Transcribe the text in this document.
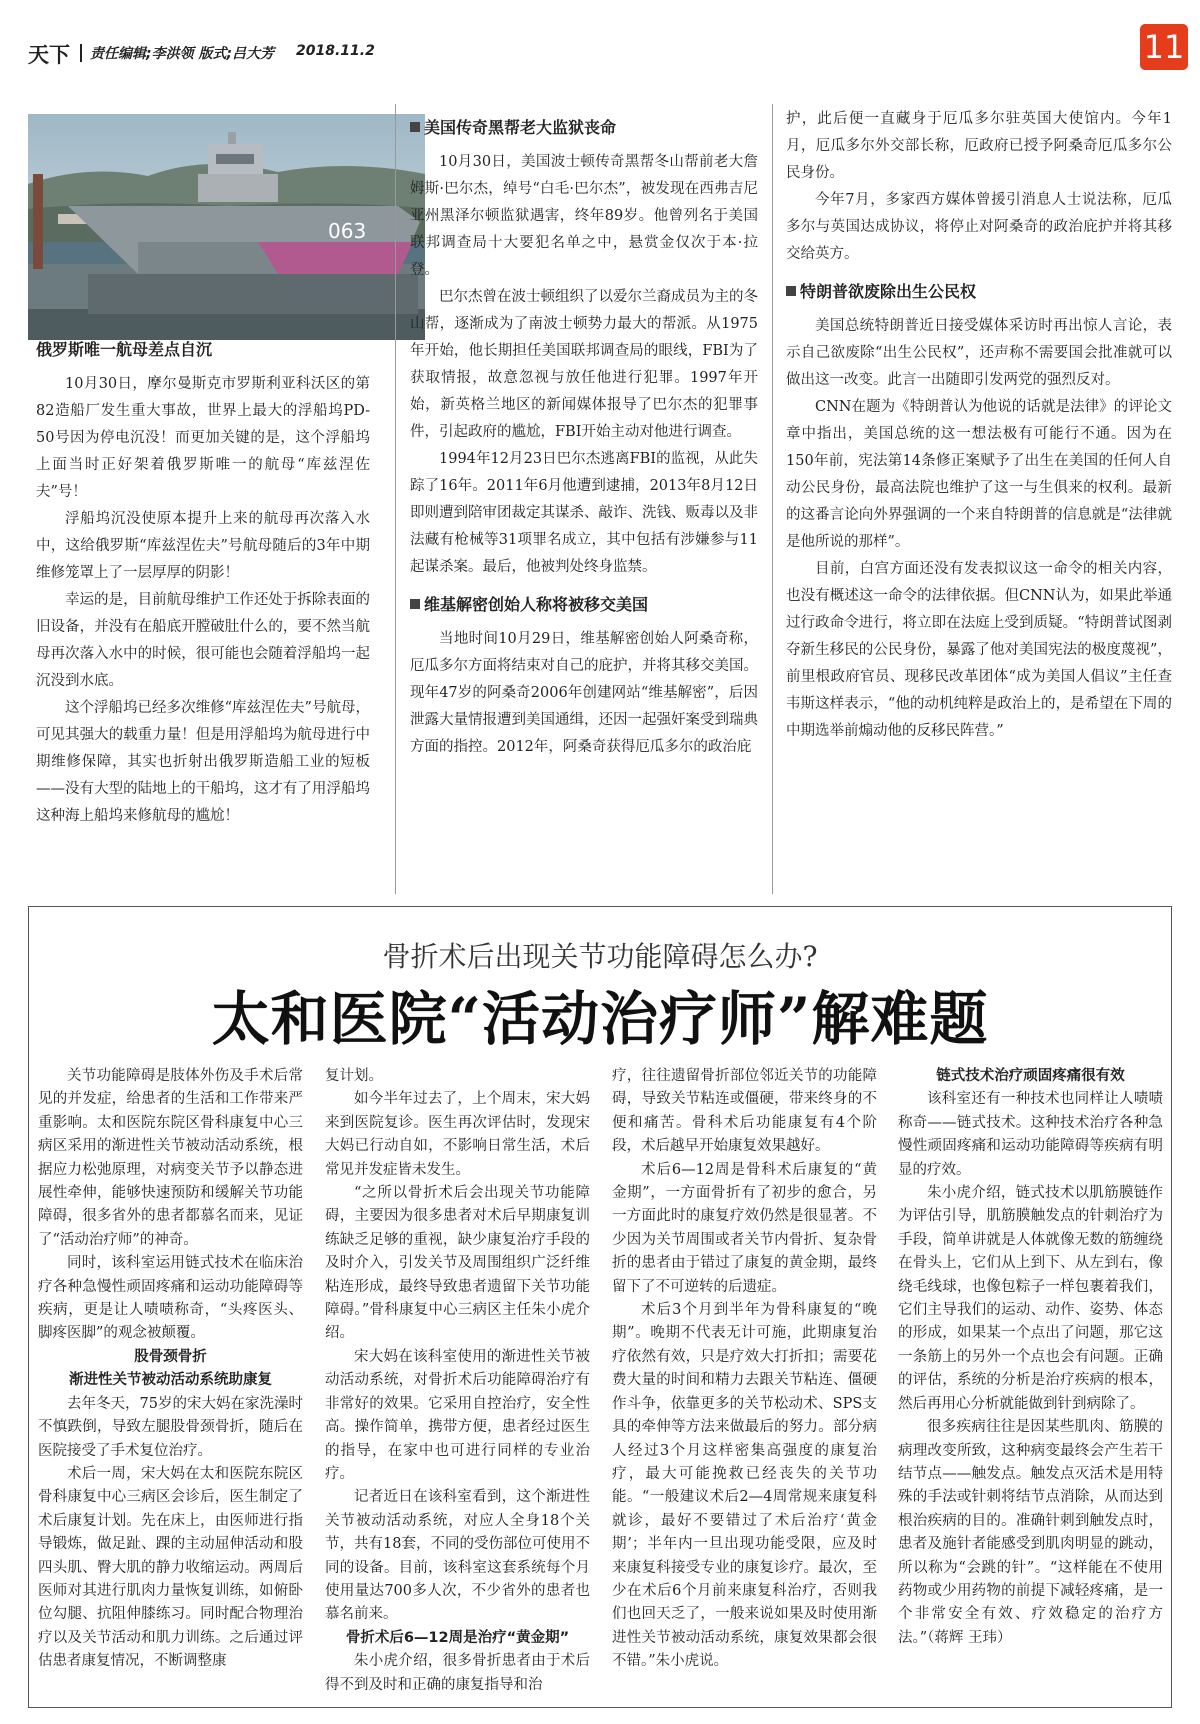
天下 责任编辑;李洪领 版式;吕大芳 2018.11.2	11
063
俄罗斯唯一航母差点自沉

10月30日，摩尔曼斯克市罗斯利亚科沃区的第82造船厂发生重大事故，世界上最大的浮船坞PD-50号因为停电沉没！而更加关键的是，这个浮船坞上面当时正好架着俄罗斯唯一的航母“库兹涅佐夫”号！

浮船坞沉没使原本提升上来的航母再次落入水中，这给俄罗斯“库兹涅佐夫”号航母随后的3年中期维修笼罩上了一层厚厚的阴影！

幸运的是，目前航母维护工作还处于拆除表面的旧设备，并没有在船底开膛破肚什么的，要不然当航母再次落入水中的时候，很可能也会随着浮船坞一起沉没到水底。

这个浮船坞已经多次维修“库兹涅佐夫”号航母，可见其强大的载重力量！但是用浮船坞为航母进行中期维修保障，其实也折射出俄罗斯造船工业的短板——没有大型的陆地上的干船坞，这才有了用浮船坞这种海上船坞来修航母的尴尬！

美国传奇黑帮老大监狱丧命

10月30日，美国波士顿传奇黑帮冬山帮前老大詹姆斯·巴尔杰，绰号“白毛·巴尔杰”，被发现在西弗吉尼亚州黑泽尔顿监狱遇害，终年89岁。他曾列名于美国联邦调查局十大要犯名单之中，悬赏金仅次于本·拉登。

巴尔杰曾在波士顿组织了以爱尔兰裔成员为主的冬山帮，逐渐成为了南波士顿势力最大的帮派。从1975年开始，他长期担任美国联邦调查局的眼线，FBI为了获取情报，故意忽视与放任他进行犯罪。1997年开始，新英格兰地区的新闻媒体报导了巴尔杰的犯罪事件，引起政府的尴尬，FBI开始主动对他进行调查。

1994年12月23日巴尔杰逃离FBI的监视，从此失踪了16年。2011年6月他遭到逮捕，2013年8月12日即则遭到陪审团裁定其谋杀、敲诈、洗钱、贩毒以及非法藏有枪械等31项罪名成立，其中包括有涉嫌参与11起谋杀案。最后，他被判处终身监禁。

维基解密创始人称将被移交美国

当地时间10月29日，维基解密创始人阿桑奇称，厄瓜多尔方面将结束对自己的庇护，并将其移交美国。现年47岁的阿桑奇2006年创建网站“维基解密”，后因泄露大量情报遭到美国通缉，还因一起强奸案受到瑞典方面的指控。2012年，阿桑奇获得厄瓜多尔的政治庇

护，此后便一直藏身于厄瓜多尔驻英国大使馆内。今年1月，厄瓜多尔外交部长称，厄政府已授予阿桑奇厄瓜多尔公民身份。

今年7月，多家西方媒体曾援引消息人士说法称，厄瓜多尔与英国达成协议，将停止对阿桑奇的政治庇护并将其移交给英方。

特朗普欲废除出生公民权

美国总统特朗普近日接受媒体采访时再出惊人言论，表示自己欲废除“出生公民权”，还声称不需要国会批准就可以做出这一改变。此言一出随即引发两党的强烈反对。

CNN在题为《特朗普认为他说的话就是法律》的评论文章中指出，美国总统的这一想法极有可能行不通。因为在150年前，宪法第14条修正案赋予了出生在美国的任何人自动公民身份，最高法院也维护了这一与生俱来的权利。最新的这番言论向外界强调的一个来自特朗普的信息就是“法律就是他所说的那样”。

目前，白宫方面还没有发表拟议这一命令的相关内容，也没有概述这一命令的法律依据。但CNN认为，如果此举通过行政命令进行，将立即在法庭上受到质疑。“特朗普试图剥夺新生移民的公民身份，暴露了他对美国宪法的极度蔑视”，前里根政府官员、现移民改革团体“成为美国人倡议”主任查韦斯这样表示，“他的动机纯粹是政治上的，是希望在下周的中期选举前煽动他的反移民阵营。”

骨折术后出现关节功能障碍怎么办?
太和医院“活动治疗师”解难题

关节功能障碍是肢体外伤及手术后常见的并发症，给患者的生活和工作带来严重影响。太和医院东院区骨科康复中心三病区采用的渐进性关节被动活动系统，根据应力松弛原理，对病变关节予以静态进展性牵伸，能够快速预防和缓解关节功能障碍，很多省外的患者都慕名而来，见证了“活动治疗师”的神奇。

同时，该科室运用链式技术在临床治疗各种急慢性顽固疼痛和运动功能障碍等疾病，更是让人啧啧称奇，“头疼医头、脚疼医脚”的观念被颠覆。

股骨颈骨折
渐进性关节被动活动系统助康复

去年冬天，75岁的宋大妈在家洗澡时不慎跌倒，导致左腿股骨颈骨折，随后在医院接受了手术复位治疗。

术后一周，宋大妈在太和医院东院区骨科康复中心三病区会诊后，医生制定了术后康复计划。先在床上，由医师进行指导锻炼，做足趾、踝的主动屈伸活动和股四头肌、臀大肌的静力收缩运动。两周后医师对其进行肌肉力量恢复训练，如俯卧位勾腿、抗阻伸膝练习。同时配合物理治疗以及关节活动和肌力训练。之后通过评估患者康复情况，不断调整康

复计划。

如今半年过去了，上个周末，宋大妈来到医院复诊。医生再次评估时，发现宋大妈已行动自如，不影响日常生活，术后常见并发症皆未发生。

“之所以骨折术后会出现关节功能障碍，主要因为很多患者对术后早期康复训练缺乏足够的重视，缺少康复治疗手段的及时介入，引发关节及周围组织广泛纤维粘连形成，最终导致患者遗留下关节功能障碍。”骨科康复中心三病区主任朱小虎介绍。

宋大妈在该科室使用的渐进性关节被动活动系统，对骨折术后功能障碍治疗有非常好的效果。它采用自控治疗，安全性高。操作简单，携带方便，患者经过医生的指导，在家中也可进行同样的专业治疗。

记者近日在该科室看到，这个渐进性关节被动活动系统，对应人全身18个关节，共有18套，不同的受伤部位可使用不同的设备。目前，该科室这套系统每个月使用量达700多人次，不少省外的患者也慕名前来。

骨折术后6—12周是治疗“黄金期”

朱小虎介绍，很多骨折患者由于术后得不到及时和正确的康复指导和治

疗，往往遗留骨折部位邻近关节的功能障碍，导致关节粘连或僵硬，带来终身的不便和痛苦。骨科术后功能康复有4个阶段，术后越早开始康复效果越好。

术后6—12周是骨科术后康复的“黄金期”，一方面骨折有了初步的愈合，另一方面此时的康复疗效仍然是很显著。不少因为关节周围或者关节内骨折、复杂骨折的患者由于错过了康复的黄金期，最终留下了不可逆转的后遗症。

术后3个月到半年为骨科康复的“晚期”。晚期不代表无计可施，此期康复治疗依然有效，只是疗效大打折扣；需要花费大量的时间和精力去跟关节粘连、僵硬作斗争，依靠更多的关节松动术、SPS支具的牵伸等方法来做最后的努力。部分病人经过3个月这样密集高强度的康复治疗，最大可能挽救已经丧失的关节功能。“一般建议术后2—4周常规来康复科就诊，最好不要错过了术后治疗‘黄金期’；半年内一旦出现功能受限，应及时来康复科接受专业的康复诊疗。最次，至少在术后6个月前来康复科治疗，否则我们也回天乏了，一般来说如果及时使用渐进性关节被动活动系统，康复效果都会很不错。”朱小虎说。

链式技术治疗顽固疼痛很有效

该科室还有一种技术也同样让人啧啧称奇——链式技术。这种技术治疗各种急慢性顽固疼痛和运动功能障碍等疾病有明显的疗效。

朱小虎介绍，链式技术以肌筋膜链作为评估引导，肌筋膜触发点的针刺治疗为手段，简单讲就是人体就像无数的筋缠绕在骨头上，它们从上到下、从左到右，像绕毛线球，也像包粽子一样包裹着我们，它们主导我们的运动、动作、姿势、体态的形成，如果某一个点出了问题，那它这一条筋上的另外一个点也会有问题。正确的评估，系统的分析是治疗疾病的根本，然后再用心分析就能做到针到病除了。

很多疾病往往是因某些肌肉、筋膜的病理改变所致，这种病变最终会产生若干结节点——触发点。触发点灭活术是用特殊的手法或针刺将结节点消除，从而达到根治疾病的目的。准确针刺到触发点时，患者及施针者能感受到肌肉明显的跳动，所以称为“会跳的针”。“这样能在不使用药物或少用药物的前提下减轻疼痛，是一个非常安全有效、疗效稳定的治疗方法。”（蒋辉 王玮）
